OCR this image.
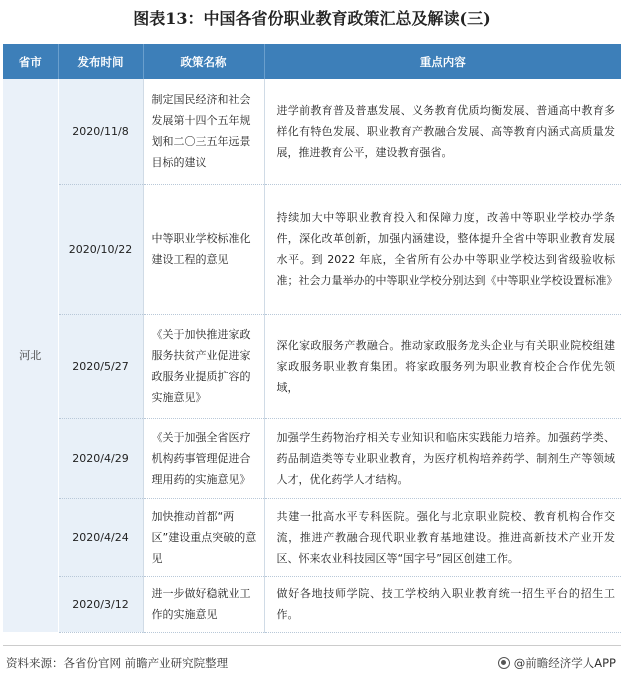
图表13：中国各省份职业教育政策汇总及解读(三)
省市	发布时间	政策名称	重点内容
河北	2020/11/8	制定国民经济和社会发展第十四个五年规划和二〇三五年远景目标的建议	进学前教育普及普惠发展、义务教育优质均衡发展、普通高中教育多样化有特色发展、职业教育产教融合发展、高等教育内涵式高质量发展，推进教育公平，建设教育强省。
	2020/10/22	中等职业学校标准化建设工程的意见	持续加大中等职业教育投入和保障力度，改善中等职业学校办学条件，深化改革创新，加强内涵建设，整体提升全省中等职业教育发展水平。到 2022 年底，全省所有公办中等职业学校达到省级验收标准；社会力量举办的中等职业学校分别达到《中等职业学校设置标准》
	2020/5/27	《关于加快推进家政服务扶贫产业促进家政服务业提质扩容的实施意见》	深化家政服务产教融合。推动家政服务龙头企业与有关职业院校组建家政服务职业教育集团。将家政服务列为职业教育校企合作优先领域，
	2020/4/29	《关于加强全省医疗机构药事管理促进合理用药的实施意见》	加强学生药物治疗相关专业知识和临床实践能力培养。加强药学类、药品制造类等专业职业教育，为医疗机构培养药学、制剂生产等领域人才，优化药学人才结构。
	2020/4/24	加快推动首都“两区”建设重点突破的意见	共建一批高水平专科医院。强化与北京职业院校、教育机构合作交流，推进产教融合现代职业教育基地建设。推进高新技术产业开发区、怀来农业科技园区等“国字号”园区创建工作。
	2020/3/12	进一步做好稳就业工作的实施意见	做好各地技师学院、技工学校纳入职业教育统一招生平台的招生工作。
资料来源：各省份官网 前瞻产业研究院整理	@前瞻经济学人APP
